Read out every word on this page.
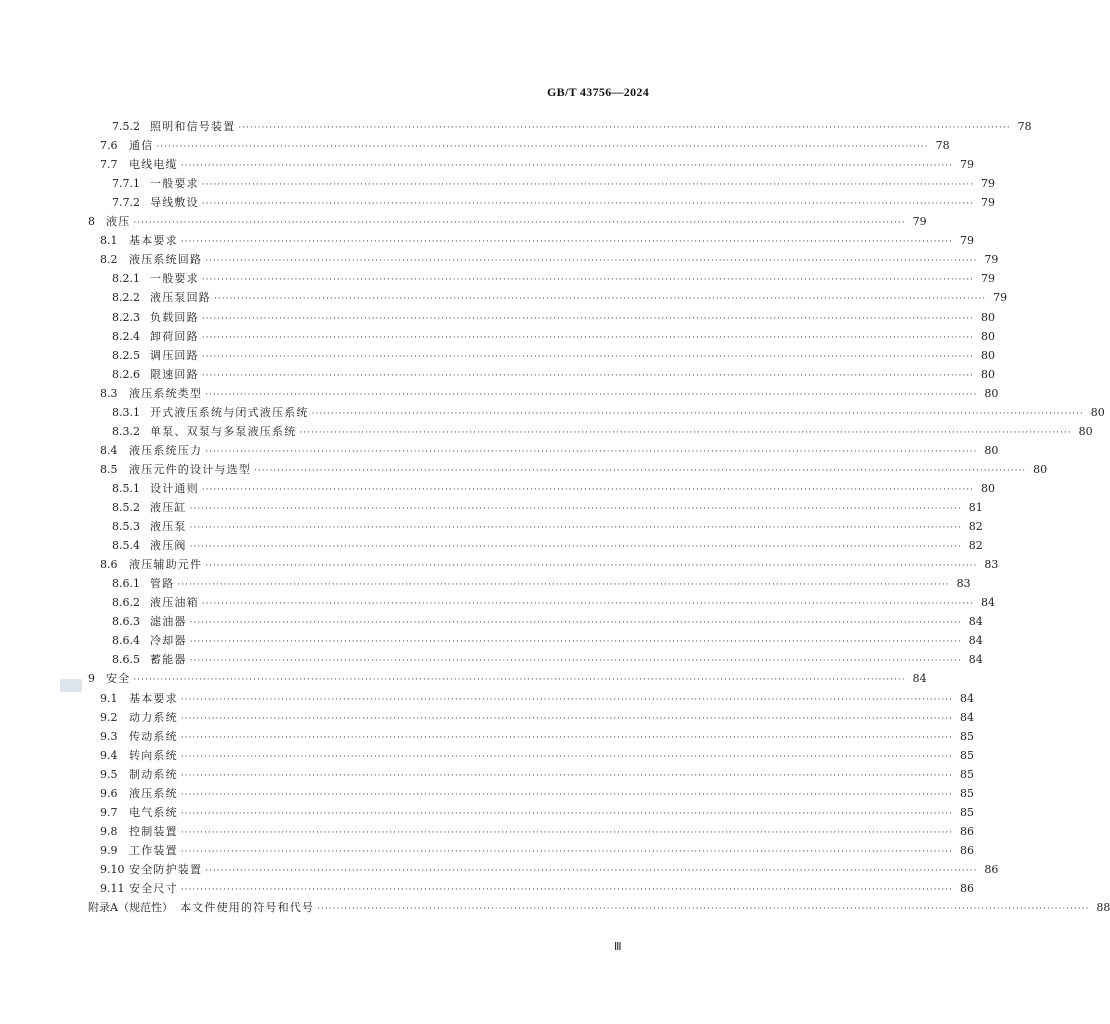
GB/T 43756—2024
7.5.2 照明和信号装置 ········································································································································································································ 78
7.6 通信 ········································································································································································································ 78
7.7 电线电缆 ········································································································································································································ 79
7.7.1 一般要求 ········································································································································································································ 79
7.7.2 导线敷设 ········································································································································································································ 79
8 液压 ········································································································································································································ 79
8.1 基本要求 ········································································································································································································ 79
8.2 液压系统回路 ········································································································································································································ 79
8.2.1 一般要求 ········································································································································································································ 79
8.2.2 液压泵回路 ········································································································································································································ 79
8.2.3 负载回路 ········································································································································································································ 80
8.2.4 卸荷回路 ········································································································································································································ 80
8.2.5 调压回路 ········································································································································································································ 80
8.2.6 限速回路 ········································································································································································································ 80
8.3 液压系统类型 ········································································································································································································ 80
8.3.1 开式液压系统与闭式液压系统 ········································································································································································································ 80
8.3.2 单泵、双泵与多泵液压系统 ········································································································································································································ 80
8.4 液压系统压力 ········································································································································································································ 80
8.5 液压元件的设计与选型 ········································································································································································································ 80
8.5.1 设计通则 ········································································································································································································ 80
8.5.2 液压缸 ········································································································································································································ 81
8.5.3 液压泵 ········································································································································································································ 82
8.5.4 液压阀 ········································································································································································································ 82
8.6 液压辅助元件 ········································································································································································································ 83
8.6.1 管路 ········································································································································································································ 83
8.6.2 液压油箱 ········································································································································································································ 84
8.6.3 滤油器 ········································································································································································································ 84
8.6.4 冷却器 ········································································································································································································ 84
8.6.5 蓄能器 ········································································································································································································ 84
9 安全 ········································································································································································································ 84
9.1 基本要求 ········································································································································································································ 84
9.2 动力系统 ········································································································································································································ 84
9.3 传动系统 ········································································································································································································ 85
9.4 转向系统 ········································································································································································································ 85
9.5 制动系统 ········································································································································································································ 85
9.6 液压系统 ········································································································································································································ 85
9.7 电气系统 ········································································································································································································ 85
9.8 控制装置 ········································································································································································································ 86
9.9 工作装置 ········································································································································································································ 86
9.10 安全防护装置 ········································································································································································································ 86
9.11 安全尺寸 ········································································································································································································ 86
附录A（规范性） 本文件使用的符号和代号 ········································································································································································································ 88
Ⅲ
